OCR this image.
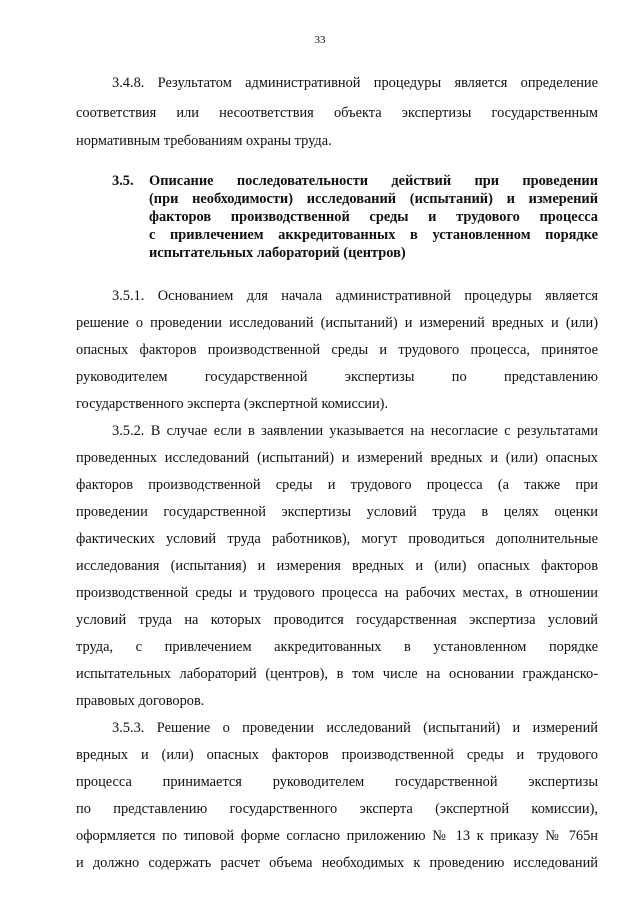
33
3.4.8. Результатом административной процедуры является определение
соответствия или несоответствия объекта экспертизы государственным
нормативным требованиям охраны труда.
3.5. Описание последовательности действий при проведении
(при необходимости) исследований (испытаний) и измерений
факторов производственной среды и трудового процесса
с привлечением аккредитованных в установленном порядке
испытательных лабораторий (центров)
3.5.1. Основанием для начала административной процедуры является
решение о проведении исследований (испытаний) и измерений вредных и (или)
опасных факторов производственной среды и трудового процесса, принятое
руководителем государственной экспертизы по представлению
государственного эксперта (экспертной комиссии).
3.5.2. В случае если в заявлении указывается на несогласие с результатами
проведенных исследований (испытаний) и измерений вредных и (или) опасных
факторов производственной среды и трудового процесса (а также при
проведении государственной экспертизы условий труда в целях оценки
фактических условий труда работников), могут проводиться дополнительные
исследования (испытания) и измерения вредных и (или) опасных факторов
производственной среды и трудового процесса на рабочих местах, в отношении
условий труда на которых проводится государственная экспертиза условий
труда, с привлечением аккредитованных в установленном порядке
испытательных лабораторий (центров), в том числе на основании гражданско-
правовых договоров.
3.5.3. Решение о проведении исследований (испытаний) и измерений
вредных и (или) опасных факторов производственной среды и трудового
процесса принимается руководителем государственной экспертизы
по представлению государственного эксперта (экспертной комиссии),
оформляется по типовой форме согласно приложению № 13 к приказу № 765н
и должно содержать расчет объема необходимых к проведению исследований
